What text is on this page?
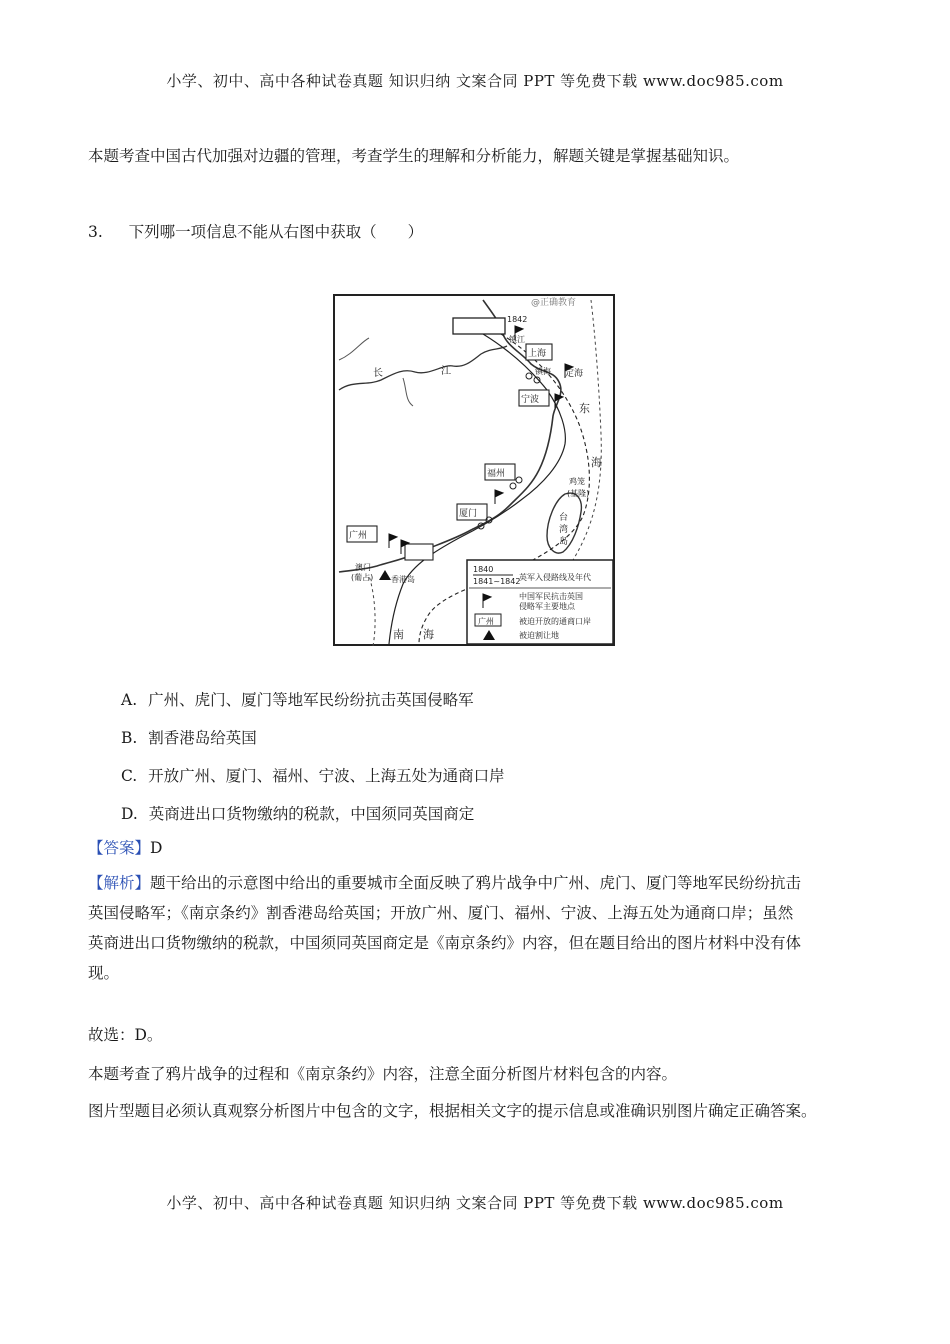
小学、初中、高中各种试卷真题 知识归纳 文案合同 PPT 等免费下载 www.doc985.com
本题考查中国古代加强对边疆的管理，考查学生的理解和分析能力，解题关键是掌握基础知识。
3. 下列哪一项信息不能从右图中获取（　　）
@正确教育
长	江
1842
镇江
上海
镇海 定海
宁波
东
海
福州
厦门
鸡笼
(基隆)
台
湾
岛
广州
澳门
(葡占) 香港岛
南 海
1840
1841~1842
英军入侵路线及年代
中国军民抗击英国
侵略军主要地点
广州	被迫开放的通商口岸
被迫割让地
A. 广州、虎门、厦门等地军民纷纷抗击英国侵略军
B. 割香港岛给英国
C. 开放广州、厦门、福州、宁波、上海五处为通商口岸
D. 英商进出口货物缴纳的税款，中国须同英国商定
【答案】D
【解析】题干给出的示意图中给出的重要城市全面反映了鸦片战争中广州、虎门、厦门等地军民纷纷抗击
英国侵略军；《南京条约》割香港岛给英国；开放广州、厦门、福州、宁波、上海五处为通商口岸；虽然
英商进出口货物缴纳的税款，中国须同英国商定是《南京条约》内容，但在题目给出的图片材料中没有体
现。
故选：D。
本题考查了鸦片战争的过程和《南京条约》内容，注意全面分析图片材料包含的内容。
图片型题目必须认真观察分析图片中包含的文字，根据相关文字的提示信息或准确识别图片确定正确答案。
小学、初中、高中各种试卷真题 知识归纳 文案合同 PPT 等免费下载 www.doc985.com
